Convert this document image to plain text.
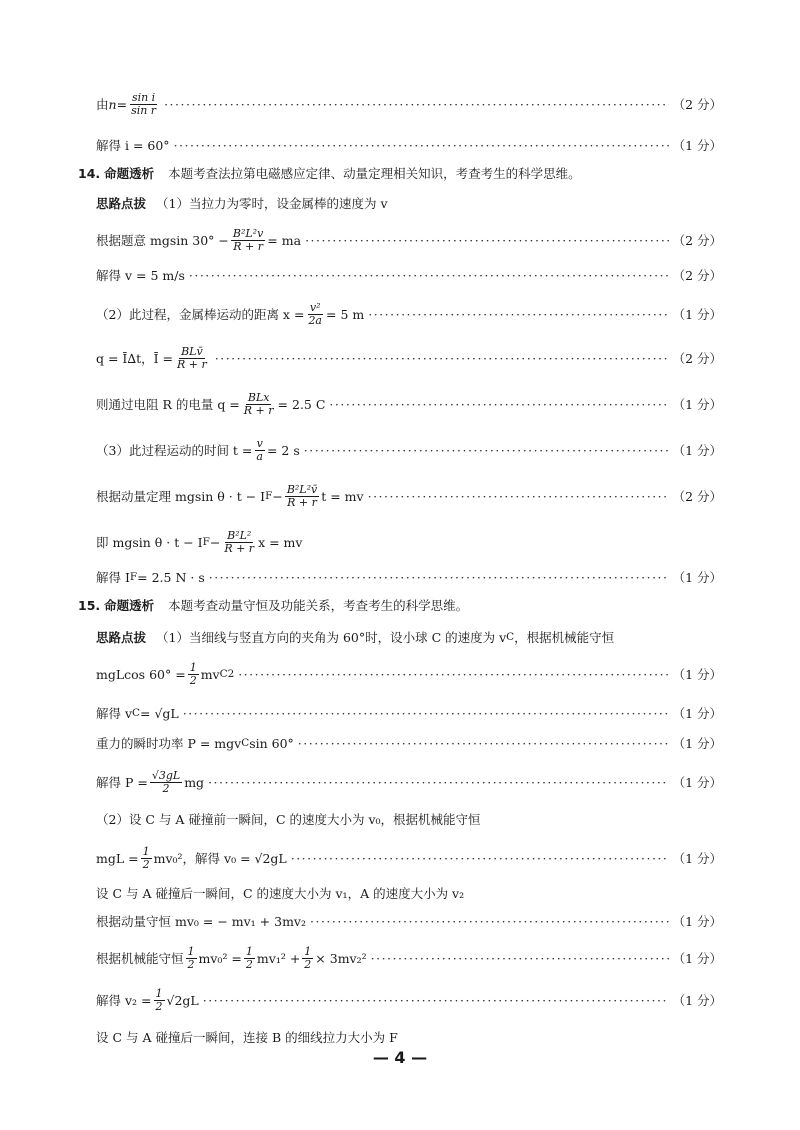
由 $n = \frac{\text{sin i}}{\text{sin r}}$ ·····	（2 分）
解得 i = 60° ·····	（1 分）
14. 命题透析 本题考查法拉第电磁感应定律、动量定理相关知识，考查考生的科学思维。
思路点拔 （1）当拉力为零时，设金属棒的速度为 v
根据题意 mgsin $30^\circ - \frac{\text{B²L²v}}{R + r}$ = ma ·····	（2 分）
解得 v = 5 m/s ·····	（2 分）
（2）此过程，金属棒运动的距离 $x = \frac{\text{v²}}{2a} = 5$ m ·····	（1 分）
q = Ī∆t，Ī = $\frac{\text{BLv̄}}{R + r}$ ·····	（2 分）
则通过电阻 R 的电量 $q = \frac{\text{BLx}}{R + r} = 2.5$ C ·····	（1 分）
（3）此过程运动的时间 $t = \frac{v}{a} = 2$ s ·····	（1 分）
根据动量定理 mgsin θ · t − I $F - \frac{\text{B²L²v̄}}{R + r}$ t = mv ·····	（2 分）
即 mgsin θ · t − I $F - \frac{\text{B²L²}}{R + r}$ x = mv
解得 I F = 2.5 N · s ·····	（1 分）
15. 命题透析 本题考查动量守恒及功能关系，考查考生的科学思维。
思路点拔 （1）当细线与竖直方向的夹角为 60°时，设小球 C 的速度为 v C ，根据机械能守恒
mgLcos $60^\circ = \frac{1}{2}$ mv C 2 ·····	（1 分）
解得 v C = √gL ·····	（1 分）
重力的瞬时功率 P = mgv C sin 60° ·····	（1 分）
解得 $P = \frac{√3gL}{2}$ mg ·····	（1 分）
（2）设 C 与 A 碰撞前一瞬间，C 的速度大小为 v₀，根据机械能守恒
mgL = $\frac{1}{2} mv_0^2$，解得 v₀ = √2gL ·····	（1 分）
设 C 与 A 碰撞后一瞬间，C 的速度大小为 v₁，A 的速度大小为 v₂
根据动量守恒 mv₀ = − mv₁ + 3mv₂ ·····	（1 分）
根据机械能守恒 $\frac{1}{2} mv_0^2 = \frac{1}{2} mv_1^2 + \frac{1}{2} \times 3mv_2^2$ ·····	（1 分）
解得 $v_2 = \frac{1}{2} √2gL$ ·····	（1 分）
设 C 与 A 碰撞后一瞬间，连接 B 的细线拉力大小为 F
— 4 —
